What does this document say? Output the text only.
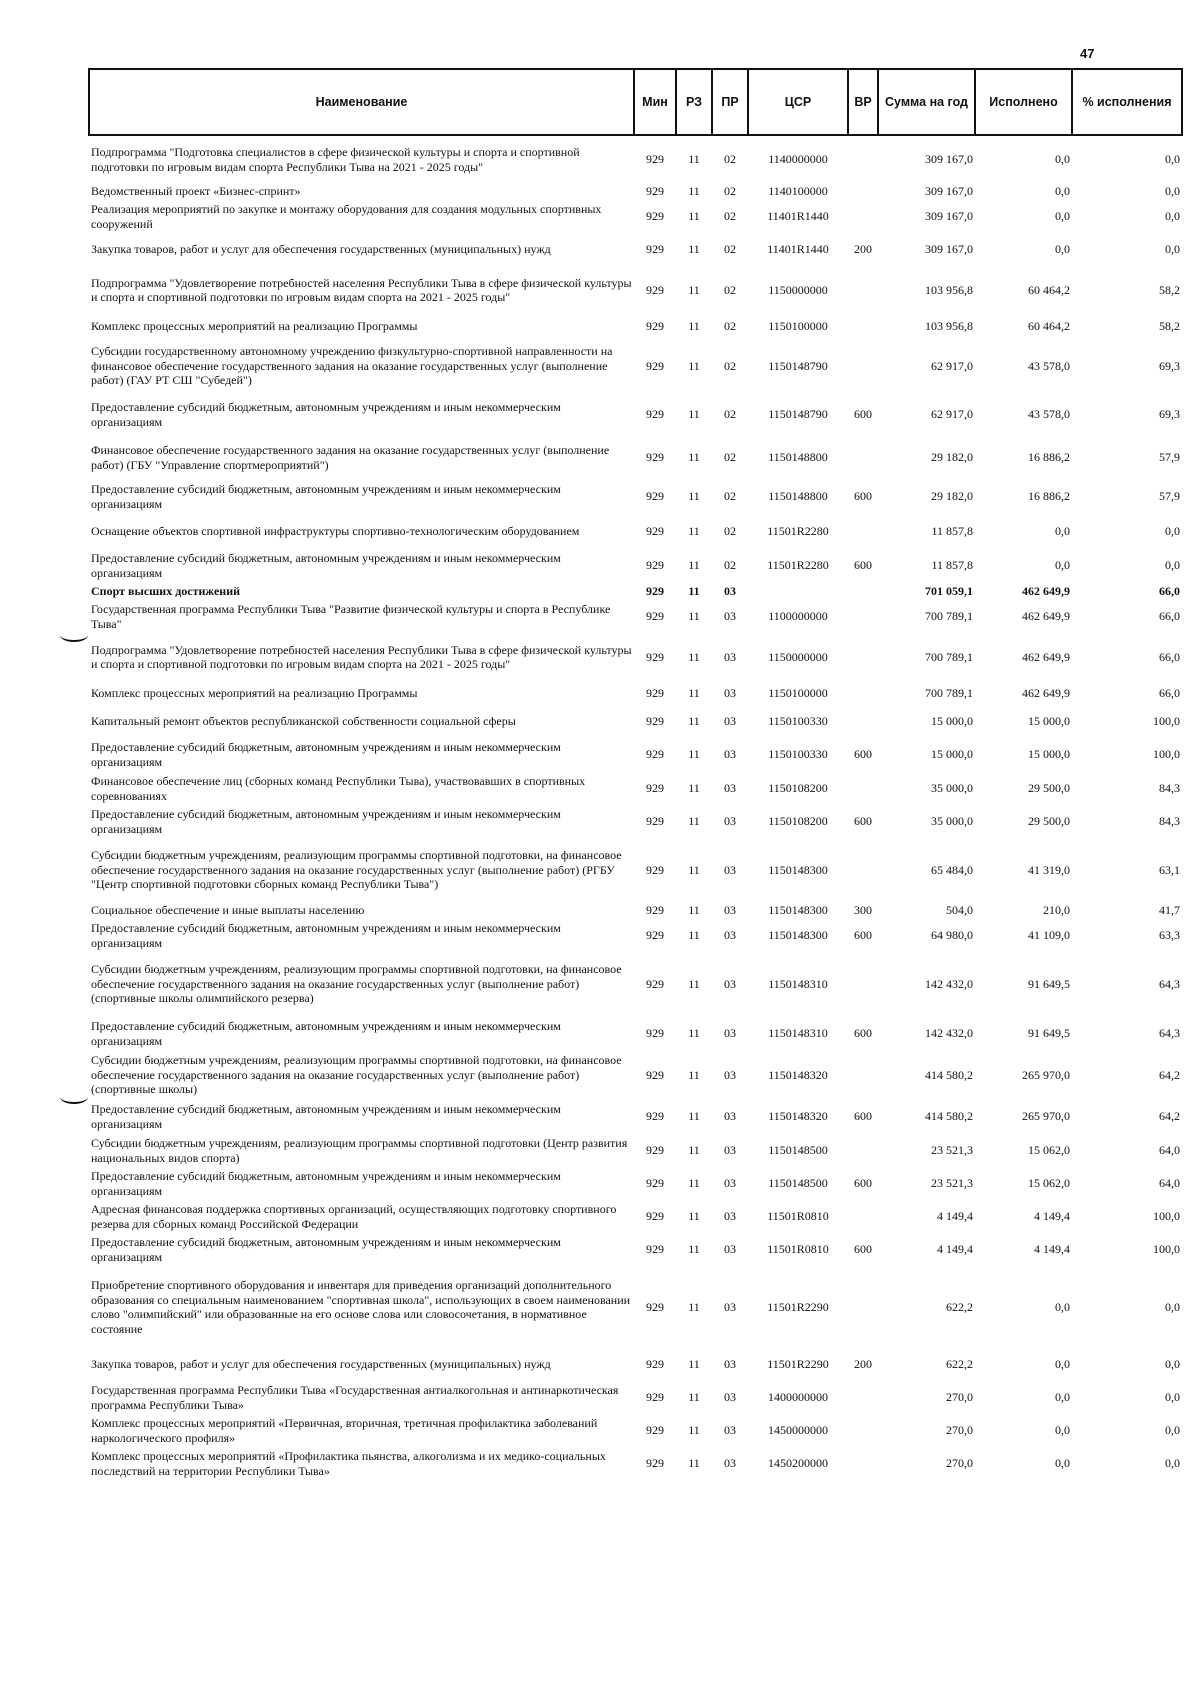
47
Наименование	Мин	РЗ	ПР	ЦСР	ВР	Сумма на год	Исполнено	% исполнения
Подпрограмма "Подготовка специалистов в сфере физической культуры и спорта и спортивной подготовки по игровым видам спорта Республики Тыва на 2021 - 2025 годы"	929	11	02	1140000000		309 167,0	0,0	0,0
Ведомственный проект «Бизнес-спринт»	929	11	02	1140100000		309 167,0	0,0	0,0
Реализация мероприятий по закупке и монтажу оборудования для создания модульных спортивных сооружений	929	11	02	11401R1440		309 167,0	0,0	0,0
Закупка товаров, работ и услуг для обеспечения государственных (муниципальных) нужд	929	11	02	11401R1440	200	309 167,0	0,0	0,0
Подпрограмма "Удовлетворение потребностей населения Республики Тыва в сфере физической культуры и спорта и спортивной подготовки по игровым видам спорта на 2021 - 2025 годы"	929	11	02	1150000000		103 956,8	60 464,2	58,2
Комплекс процессных мероприятий на реализацию Программы	929	11	02	1150100000		103 956,8	60 464,2	58,2
Субсидии государственному автономному учреждению физкультурно-спортивной направленности на финансовое обеспечение государственного задания на оказание государственных услуг (выполнение работ) (ГАУ РТ СШ "Субедей")	929	11	02	1150148790		62 917,0	43 578,0	69,3
Предоставление субсидий бюджетным, автономным учреждениям и иным некоммерческим организациям	929	11	02	1150148790	600	62 917,0	43 578,0	69,3
Финансовое обеспечение государственного задания на оказание государственных услуг (выполнение работ) (ГБУ "Управление спортмероприятий")	929	11	02	1150148800		29 182,0	16 886,2	57,9
Предоставление субсидий бюджетным, автономным учреждениям и иным некоммерческим организациям	929	11	02	1150148800	600	29 182,0	16 886,2	57,9
Оснащение объектов спортивной инфраструктуры спортивно-технологическим оборудованием	929	11	02	11501R2280		11 857,8	0,0	0,0
Предоставление субсидий бюджетным, автономным учреждениям и иным некоммерческим организациям	929	11	02	11501R2280	600	11 857,8	0,0	0,0
Спорт высших достижений	929	11	03			701 059,1	462 649,9	66,0
Государственная программа Республики Тыва "Развитие физической культуры и спорта в Республике Тыва"	929	11	03	1100000000		700 789,1	462 649,9	66,0
Подпрограмма "Удовлетворение потребностей населения Республики Тыва в сфере физической культуры и спорта и спортивной подготовки по игровым видам спорта на 2021 - 2025 годы"	929	11	03	1150000000		700 789,1	462 649,9	66,0
Комплекс процессных мероприятий на реализацию Программы	929	11	03	1150100000		700 789,1	462 649,9	66,0
Капитальный ремонт объектов республиканской собственности социальной сферы	929	11	03	1150100330		15 000,0	15 000,0	100,0
Предоставление субсидий бюджетным, автономным учреждениям и иным некоммерческим организациям	929	11	03	1150100330	600	15 000,0	15 000,0	100,0
Финансовое обеспечение лиц (сборных команд Республики Тыва), участвовавших в спортивных соревнованиях	929	11	03	1150108200		35 000,0	29 500,0	84,3
Предоставление субсидий бюджетным, автономным учреждениям и иным некоммерческим организациям	929	11	03	1150108200	600	35 000,0	29 500,0	84,3
Субсидии бюджетным учреждениям, реализующим программы спортивной подготовки, на финансовое обеспечение государственного задания на оказание государственных услуг (выполнение работ) (РГБУ "Центр спортивной подготовки сборных команд Республики Тыва")	929	11	03	1150148300		65 484,0	41 319,0	63,1
Социальное обеспечение и иные выплаты населению	929	11	03	1150148300	300	504,0	210,0	41,7
Предоставление субсидий бюджетным, автономным учреждениям и иным некоммерческим организациям	929	11	03	1150148300	600	64 980,0	41 109,0	63,3
Субсидии бюджетным учреждениям, реализующим программы спортивной подготовки, на финансовое обеспечение государственного задания на оказание государственных услуг (выполнение работ) (спортивные школы олимпийского резерва)	929	11	03	1150148310		142 432,0	91 649,5	64,3
Предоставление субсидий бюджетным, автономным учреждениям и иным некоммерческим организациям	929	11	03	1150148310	600	142 432,0	91 649,5	64,3
Субсидии бюджетным учреждениям, реализующим программы спортивной подготовки, на финансовое обеспечение государственного задания на оказание государственных услуг (выполнение работ) (спортивные школы)	929	11	03	1150148320		414 580,2	265 970,0	64,2
Предоставление субсидий бюджетным, автономным учреждениям и иным некоммерческим организациям	929	11	03	1150148320	600	414 580,2	265 970,0	64,2
Субсидии бюджетным учреждениям, реализующим программы спортивной подготовки (Центр развития национальных видов спорта)	929	11	03	1150148500		23 521,3	15 062,0	64,0
Предоставление субсидий бюджетным, автономным учреждениям и иным некоммерческим организациям	929	11	03	1150148500	600	23 521,3	15 062,0	64,0
Адресная финансовая поддержка спортивных организаций, осуществляющих подготовку спортивного резерва для сборных команд Российской Федерации	929	11	03	11501R0810		4 149,4	4 149,4	100,0
Предоставление субсидий бюджетным, автономным учреждениям и иным некоммерческим организациям	929	11	03	11501R0810	600	4 149,4	4 149,4	100,0
Приобретение спортивного оборудования и инвентаря для приведения организаций дополнительного образования со специальным наименованием "спортивная школа", использующих в своем наименовании слово "олимпийский" или образованные на его основе слова или словосочетания, в нормативное состояние	929	11	03	11501R2290		622,2	0,0	0,0
Закупка товаров, работ и услуг для обеспечения государственных (муниципальных) нужд	929	11	03	11501R2290	200	622,2	0,0	0,0
Государственная программа Республики Тыва «Государственная антиалкогольная и антинаркотическая программа Республики Тыва»	929	11	03	1400000000		270,0	0,0	0,0
Комплекс процессных мероприятий «Первичная, вторичная, третичная профилактика заболеваний наркологического профиля»	929	11	03	1450000000		270,0	0,0	0,0
Комплекс процессных мероприятий «Профилактика пьянства, алкоголизма и их медико-социальных последствий на территории Республики Тыва»	929	11	03	1450200000		270,0	0,0	0,0
